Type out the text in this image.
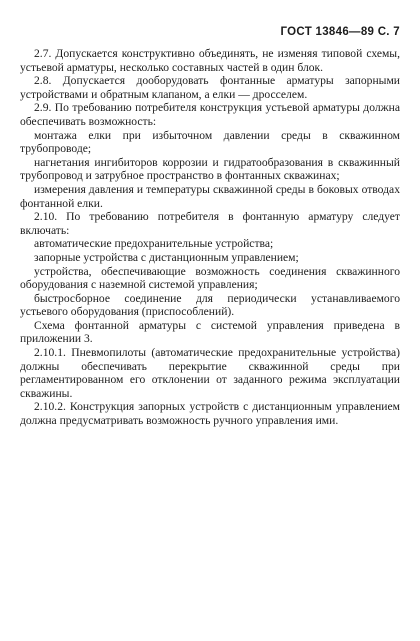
ГОСТ 13846—89 С. 7

2.7. Допускается конструктивно объединять, не изменяя типовой схемы, устьевой арматуры, несколько составных частей в один блок.

2.8. Допускается дооборудовать фонтанные арматуры запорными устройствами и обратным клапаном, а елки — дросселем.

2.9. По требованию потребителя конструкция устьевой арматуры должна обеспечивать возможность:

монтажа елки при избыточном давлении среды в скважинном трубопроводе;

нагнетания ингибиторов коррозии и гидратообразования в скважинный трубопровод и затрубное пространство в фонтанных скважинах;

измерения давления и температуры скважинной среды в боковых отводах фонтанной елки.

2.10. По требованию потребителя в фонтанную арматуру следует включать:

автоматические предохранительные устройства;

запорные устройства с дистанционным управлением;

устройства, обеспечивающие возможность соединения скважинного оборудования с наземной системой управления;

быстросборное соединение для периодически устанавливаемого устьевого оборудования (приспособлений).

Схема фонтанной арматуры с системой управления приведена в приложении 3.

2.10.1. Пневмопилоты (автоматические предохранительные устройства) должны обеспечивать перекрытие скважинной среды при регламентированном его отклонении от заданного режима эксплуатации скважины.

2.10.2. Конструкция запорных устройств с дистанционным управлением должна предусматривать возможность ручного управления ими.
